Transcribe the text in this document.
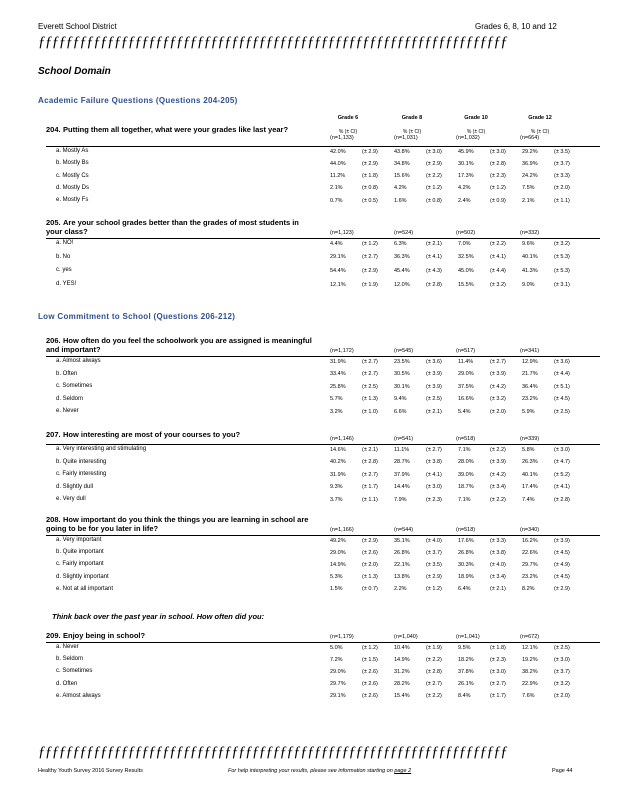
Everett School District	Grades 6, 8, 10 and 12
ƒƒƒƒƒƒƒƒƒƒƒƒƒƒƒƒƒƒƒƒƒƒƒƒƒƒƒƒƒƒƒƒƒƒƒƒƒƒƒƒƒƒƒƒƒƒƒƒƒƒƒƒƒƒƒƒƒƒƒƒƒƒƒƒƒƒƒƒ
School Domain
Academic Failure Questions (Questions 204-205)
Grade 6	Grade 8	Grade 10	Grade 12
% (± CI)	% (± CI)	% (± CI)	% (± CI)
Low Commitment to School (Questions 206-212)
Think back over the past year in school. How often did you:
204. Putting them all together, what were your grades like last year?
(n=1,133)	(n=1,031)	(n=1,032)	(n=664)
a. Mostly As	42.0%	(± 2.9)	43.8%	(± 3.0)	45.9%	(± 3.0)	29.2%	(± 3.5)
b. Mostly Bs	44.0%	(± 2.9)	34.8%	(± 2.9)	30.1%	(± 2.8)	36.9%	(± 3.7)
c. Mostly Cs	11.2%	(± 1.8)	15.6%	(± 2.2)	17.3%	(± 2.3)	24.2%	(± 3.3)
d. Mostly Ds	2.1%	(± 0.8)	4.2%	(± 1.2)	4.2%	(± 1.2)	7.5%	(± 2.0)
e. Mostly Fs	0.7%	(± 0.5)	1.6%	(± 0.8)	2.4%	(± 0.9)	2.1%	(± 1.1)
205. Are your school grades better than the grades of most students in your class?	(n=1,123)	(n=524)	(n=502)	(n=332)
a. NO!	4.4%	(± 1.2)	6.3%	(± 2.1)	7.0%	(± 2.2)	9.6%	(± 3.2)
b. No	29.1%	(± 2.7)	36.3%	(± 4.1)	32.5%	(± 4.1)	40.1%	(± 5.3)
c. yes	54.4%	(± 2.9)	45.4%	(± 4.3)	45.0%	(± 4.4)	41.3%	(± 5.3)
d. YES!	12.1%	(± 1.9)	12.0%	(± 2.8)	15.5%	(± 3.2)	9.0%	(± 3.1)
206. How often do you feel the schoolwork you are assigned is meaningful and important?	(n=1,172)	(n=545)	(n=517)	(n=341)
a. Almost always	31.9%	(± 2.7)	23.5%	(± 3.6)	11.4%	(± 2.7)	12.9%	(± 3.6)
b. Often	33.4%	(± 2.7)	30.5%	(± 3.9)	29.0%	(± 3.9)	21.7%	(± 4.4)
c. Sometimes	25.8%	(± 2.5)	30.1%	(± 3.9)	37.5%	(± 4.2)	36.4%	(± 5.1)
d. Seldom	5.7%	(± 1.3)	9.4%	(± 2.5)	16.6%	(± 3.2)	23.2%	(± 4.5)
e. Never	3.2%	(± 1.0)	6.6%	(± 2.1)	5.4%	(± 2.0)	5.9%	(± 2.5)
207. How interesting are most of your courses to you?	(n=1,146)	(n=541)	(n=518)	(n=339)
a. Very interesting and stimulating	14.6%	(± 2.1)	11.1%	(± 2.7)	7.1%	(± 2.2)	5.8%	(± 3.0)
b. Quite interesting	40.2%	(± 2.8)	28.7%	(± 3.8)	28.0%	(± 3.9)	26.3%	(± 4.7)
c. Fairly interesting	31.9%	(± 2.7)	37.9%	(± 4.1)	39.0%	(± 4.2)	40.1%	(± 5.2)
d. Slightly dull	9.3%	(± 1.7)	14.4%	(± 3.0)	18.7%	(± 3.4)	17.4%	(± 4.1)
e. Very dull	3.7%	(± 1.1)	7.9%	(± 2.3)	7.1%	(± 2.2)	7.4%	(± 2.8)
208. How important do you think the things you are learning in school are going to be for you later in life?	(n=1,166)	(n=544)	(n=518)	(n=340)
a. Very important	49.2%	(± 2.9)	35.1%	(± 4.0)	17.6%	(± 3.3)	16.2%	(± 3.9)
b. Quite important	29.0%	(± 2.6)	26.8%	(± 3.7)	26.8%	(± 3.8)	22.6%	(± 4.5)
c. Fairly important	14.9%	(± 2.0)	22.1%	(± 3.5)	30.3%	(± 4.0)	29.7%	(± 4.9)
d. Slightly important	5.3%	(± 1.3)	13.8%	(± 2.9)	18.9%	(± 3.4)	23.2%	(± 4.5)
e. Not at all important	1.5%	(± 0.7)	2.2%	(± 1.2)	6.4%	(± 2.1)	8.2%	(± 2.9)
209. Enjoy being in school?	(n=1,179)	(n=1,040)	(n=1,041)	(n=672)
a. Never	5.0%	(± 1.2)	10.4%	(± 1.9)	9.5%	(± 1.8)	12.1%	(± 2.5)
b. Seldom	7.2%	(± 1.5)	14.9%	(± 2.2)	18.2%	(± 2.3)	19.2%	(± 3.0)
c. Sometimes	29.0%	(± 2.6)	31.2%	(± 2.8)	37.8%	(± 3.0)	38.2%	(± 3.7)
d. Often	29.7%	(± 2.6)	28.2%	(± 2.7)	26.1%	(± 2.7)	22.9%	(± 3.2)
e. Almost always	29.1%	(± 2.6)	15.4%	(± 2.2)	8.4%	(± 1.7)	7.6%	(± 2.0)
ƒƒƒƒƒƒƒƒƒƒƒƒƒƒƒƒƒƒƒƒƒƒƒƒƒƒƒƒƒƒƒƒƒƒƒƒƒƒƒƒƒƒƒƒƒƒƒƒƒƒƒƒƒƒƒƒƒƒƒƒƒƒƒƒƒƒƒƒ
Healthy Youth Survey 2016 Survey Results	For help interpreting your results, please see information starting on page 2	Page 44
